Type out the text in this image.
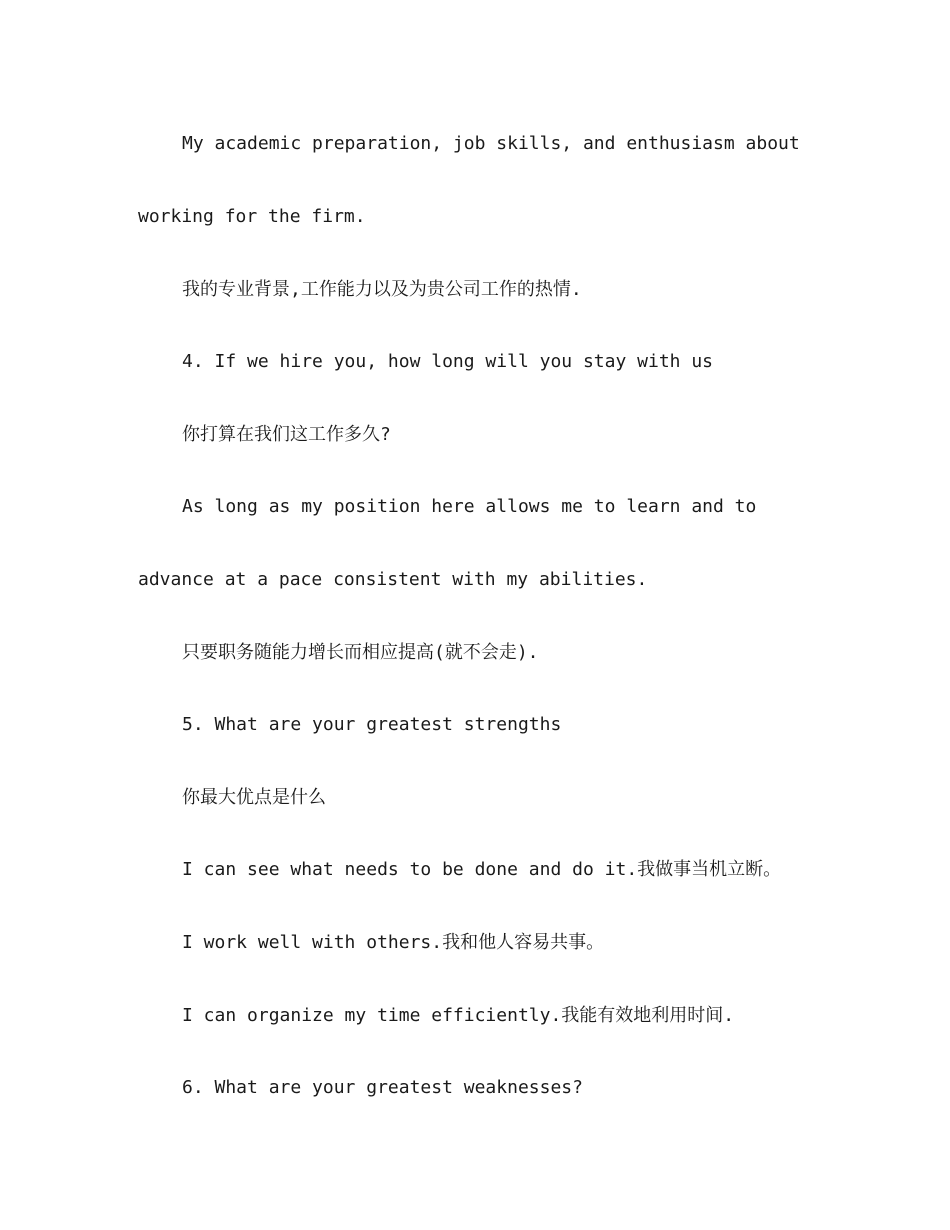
My academic preparation, job skills, and enthusiasm about
working for the firm.
我的专业背景,工作能力以及为贵公司工作的热情.
4. If we hire you, how long will you stay with us
你打算在我们这工作多久?
As long as my position here allows me to learn and to
advance at a pace consistent with my abilities.
只要职务随能力增长而相应提高(就不会走).
5. What are your greatest strengths
你最大优点是什么
I can see what needs to be done and do it.我做事当机立断。
I work well with others.我和他人容易共事。
I can organize my time efficiently.我能有效地利用时间.
6. What are your greatest weaknesses?
